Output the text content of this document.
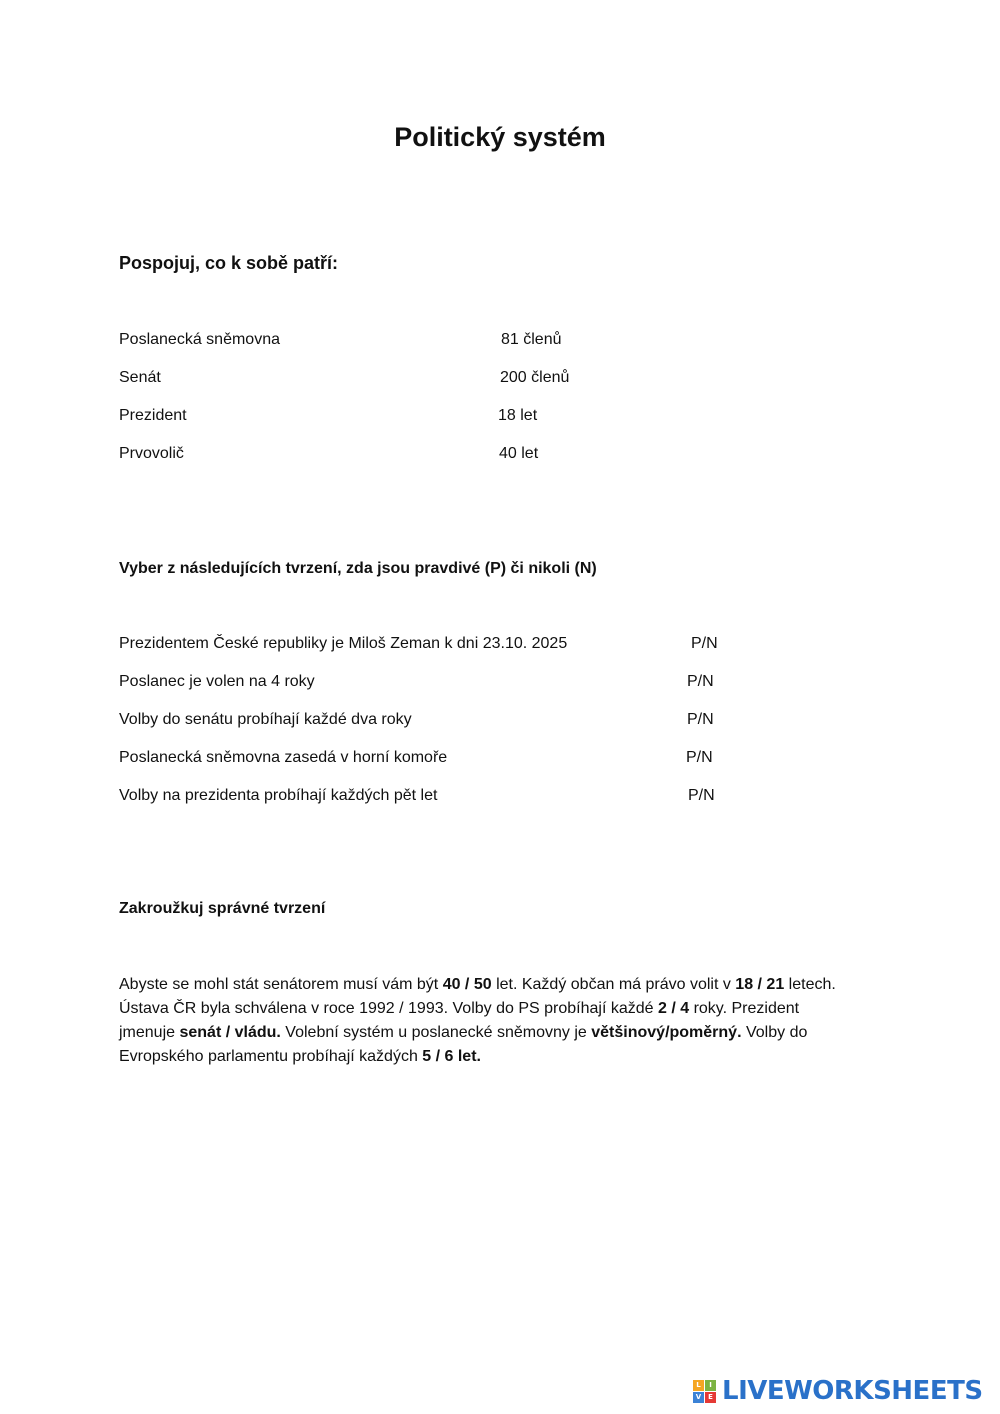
Politický systém
Pospojuj, co k sobě patří:
Poslanecká sněmovna	81 členů
Senát	200 členů
Prezident	18 let
Prvovolič	40 let
Vyber z následujících tvrzení, zda jsou pravdivé (P) či nikoli (N)
Prezidentem České republiky je Miloš Zeman k dni 23.10. 2025	P/N
Poslanec je volen na 4 roky	P/N
Volby do senátu probíhají každé dva roky	P/N
Poslanecká sněmovna zasedá v horní komoře	P/N
Volby na prezidenta probíhají každých pět let	P/N
Zakroužkuj správné tvrzení
Abyste se mohl stát senátorem musí vám být 40 / 50 let. Každý občan má právo volit v 18 / 21 letech.
Ústava ČR byla schválena v roce 1992 / 1993. Volby do PS probíhají každé 2 / 4 roky. Prezident
jmenuje senát / vládu. Volební systém u poslanecké sněmovny je většinový/poměrný. Volby do
Evropského parlamentu probíhají každých 5 / 6 let.
L	I
V E LIVEWORKSHEETS
